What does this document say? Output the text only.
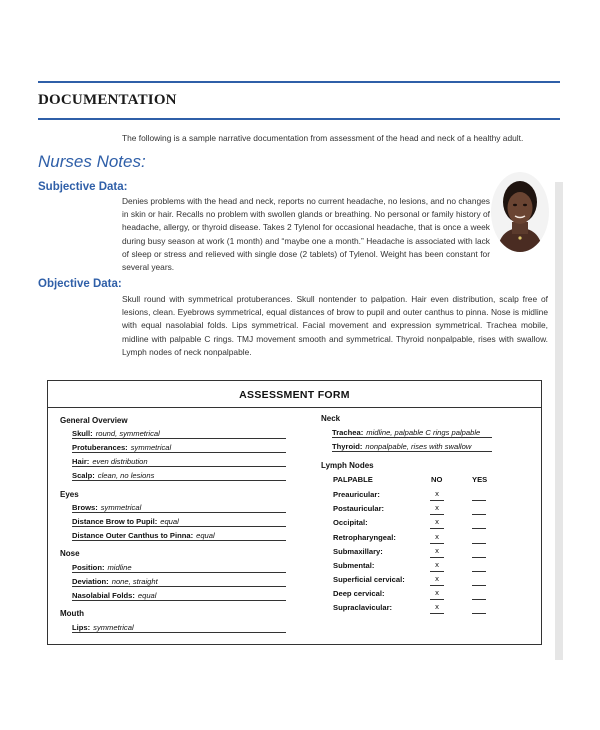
DOCUMENTATION
The following is a sample narrative documentation from assessment of the head and neck of a healthy adult.
Nurses Notes:
Subjective Data:
Denies problems with the head and neck, reports no current headache, no lesions, and no changes in skin or hair. Recalls no problem with swollen glands or breathing. No personal or family history of headache, allergy, or thyroid disease. Takes 2 Tylenol for occasional headache, that is once a week during busy season at work (1 month) and “maybe one a month.” Headache is associated with lack of sleep or stress and relieved with single dose (2 tablets) of Tylenol. Weight has been constant for several years.
Objective Data:
Skull round with symmetrical protuberances. Skull nontender to palpation. Hair even distribution, scalp free of lesions, clean. Eyebrows symmetrical, equal distances of brow to pupil and outer canthus to pinna. Nose is midline with equal nasolabial folds. Lips symmetrical. Facial movement and expression symmetrical. Trachea mobile, midline with palpable C rings. TMJ movement smooth and symmetrical. Thyroid nonpalpable, rises with swallow. Lymph nodes of neck nonpalpable.
ASSESSMENT FORM
General Overview
Skull: round, symmetrical
Protuberances: symmetrical
Hair: even distribution
Scalp: clean, no lesions
Eyes
Brows: symmetrical
Distance Brow to Pupil: equal
Distance Outer Canthus to Pinna: equal
Nose
Position: midline
Deviation: none, straight
Nasolabial Folds: equal
Mouth
Lips: symmetrical
Neck
Trachea: midline, palpable C rings palpable
Thyroid: nonpalpable, rises with swallow
Lymph Nodes
PALPABLE	NO	YES
Preauricular:	x
Postauricular:	x
Occipital:	x
Retropharyngeal:	x
Submaxillary:	x
Submental:	x
Superficial cervical:	x
Deep cervical:	x
Supraclavicular:	x
